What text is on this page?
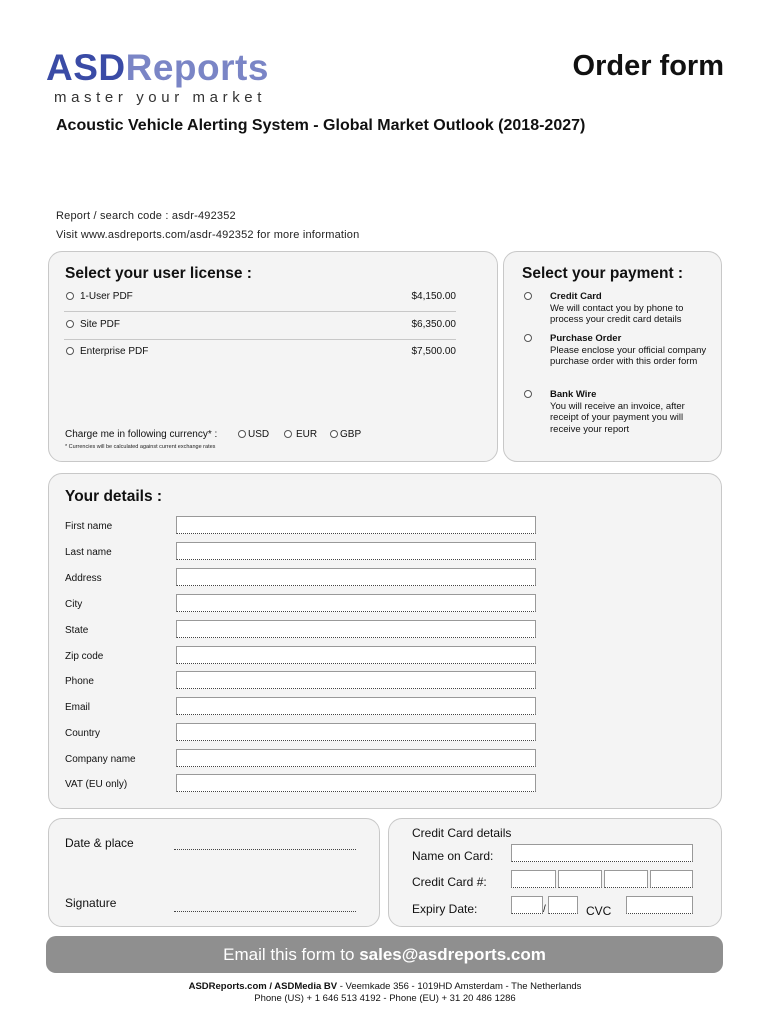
ASDReports
master your market
Order form
Acoustic Vehicle Alerting System - Global Market Outlook (2018-2027)
Report / search code : asdr-492352
Visit www.asdreports.com/asdr-492352 for more information
Select your user license :
1-User PDF	$4,150.00
Site PDF	$6,350.00
Enterprise PDF	$7,500.00
Charge me in following currency* :	USD	EUR	GBP
* Currencies will be calculated against current exchange rates
Select your payment :
Credit Card
We will contact you by phone to process your credit card details
Purchase Order
Please enclose your official company purchase order with this order form
Bank Wire
You will receive an invoice, after receipt of your payment you will receive your report
Your details :
First name
Last name
Address
City
State
Zip code
Phone
Email
Country
Company name
VAT (EU only)
Date & place
Signature
Credit Card details
Name on Card:
Credit Card #:
Expiry Date:	/	CVC
Email this form to sales@asdreports.com
ASDReports.com / ASDMedia BV - Veemkade 356 - 1019HD Amsterdam - The Netherlands
Phone (US) + 1 646 513 4192 - Phone (EU) + 31 20 486 1286
